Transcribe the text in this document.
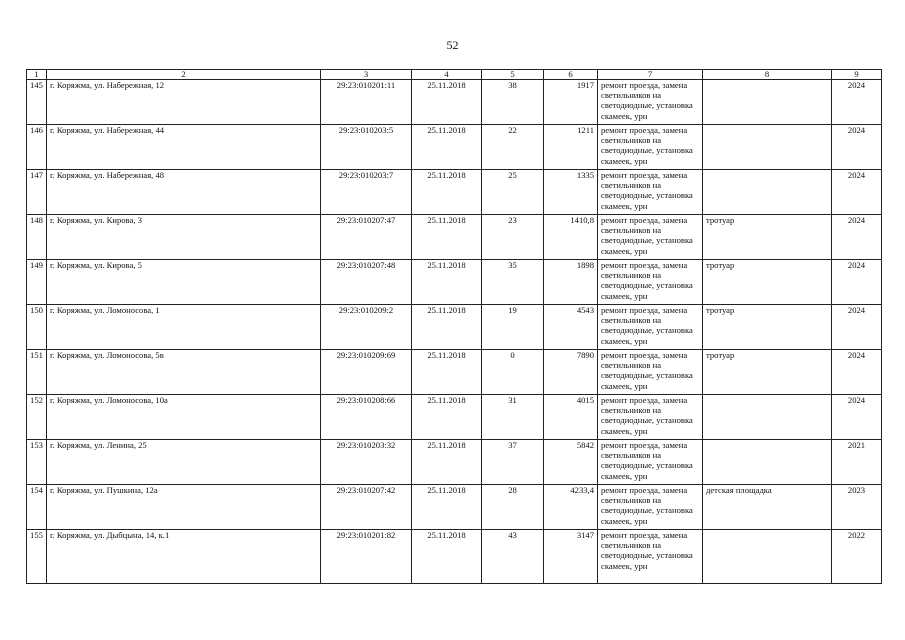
52
1	2	3	4	5	6	7	8	9
145	г. Коряжма, ул. Набережная, 12	29:23:010201:11	25.11.2018	38	1917	ремонт проезда, замена светильников на светодиодные, установка скамеек, урн		2024
146	г. Коряжма, ул. Набережная, 44	29:23:010203:5	25.11.2018	22	1211	ремонт проезда, замена светильников на светодиодные, установка скамеек, урн		2024
147	г. Коряжма, ул. Набережная, 48	29:23:010203:7	25.11.2018	25	1335	ремонт проезда, замена светильников на светодиодные, установка скамеек, урн		2024
148	г. Коряжма, ул. Кирова, 3	29:23:010207:47	25.11.2018	23	1410,8	ремонт проезда, замена светильников на светодиодные, установка скамеек, урн	тротуар	2024
149	г. Коряжма, ул. Кирова, 5	29:23:010207:48	25.11.2018	35	1898	ремонт проезда, замена светильников на светодиодные, установка скамеек, урн	тротуар	2024
150	г. Коряжма, ул. Ломоносова, 1	29:23:010209:2	25.11.2018	19	4543	ремонт проезда, замена светильников на светодиодные, установка скамеек, урн	тротуар	2024
151	г. Коряжма, ул. Ломоносова, 5в	29:23:010209:69	25.11.2018	0	7890	ремонт проезда, замена светильников на светодиодные, установка скамеек, урн	тротуар	2024
152	г. Коряжма, ул. Ломоносова, 10а	29:23:010208:66	25.11.2018	31	4015	ремонт проезда, замена светильников на светодиодные, установка скамеек, урн		2024
153	г. Коряжма, ул. Ленина, 25	29:23:010203:32	25.11.2018	37	5842	ремонт проезда, замена светильников на светодиодные, установка скамеек, урн		2021
154	г. Коряжма, ул. Пушкина, 12а	29:23:010207:42	25.11.2018	28	4233,4	ремонт проезда, замена светильников на светодиодные, установка скамеек, урн	детская площадка	2023
155	г. Коряжма, ул. Дыбцына, 14, к.1	29:23:010201:82	25.11.2018	43	3147	ремонт проезда, замена светильников на светодиодные, установка скамеек, урн		2022
